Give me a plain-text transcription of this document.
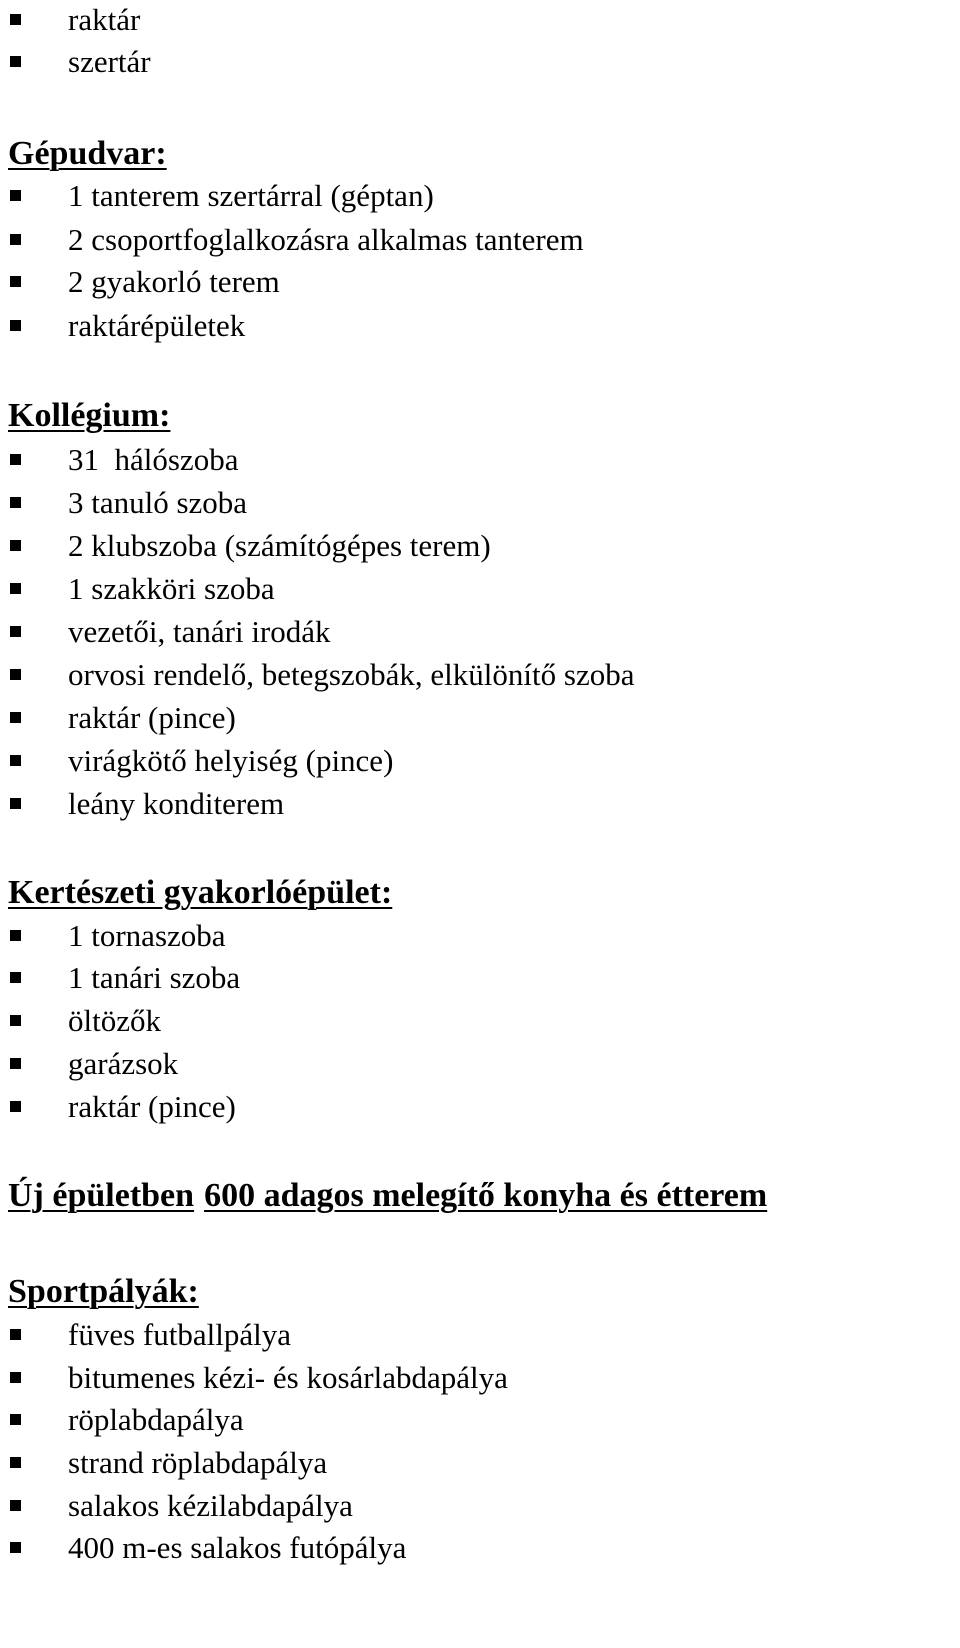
raktár
szertár
Gépudvar:
1 tanterem szertárral (géptan)
2 csoportfoglalkozásra alkalmas tanterem
2 gyakorló terem
raktárépületek
Kollégium:
31  hálószoba
3 tanuló szoba
2 klubszoba (számítógépes terem)
1 szakköri szoba
vezetői, tanári irodák
orvosi rendelő, betegszobák, elkülönítő szoba
raktár (pince)
virágkötő helyiség (pince)
leány konditerem
Kertészeti gyakorlóépület:
1 tornaszoba
1 tanári szoba
öltözők
garázsok
raktár (pince)
Új épületben 600 adagos melegítő konyha és étterem
Sportpályák:
füves futballpálya
bitumenes kézi- és kosárlabdapálya
röplabdapálya
strand röplabdapálya
salakos kézilabdapálya
400 m-es salakos futópálya
